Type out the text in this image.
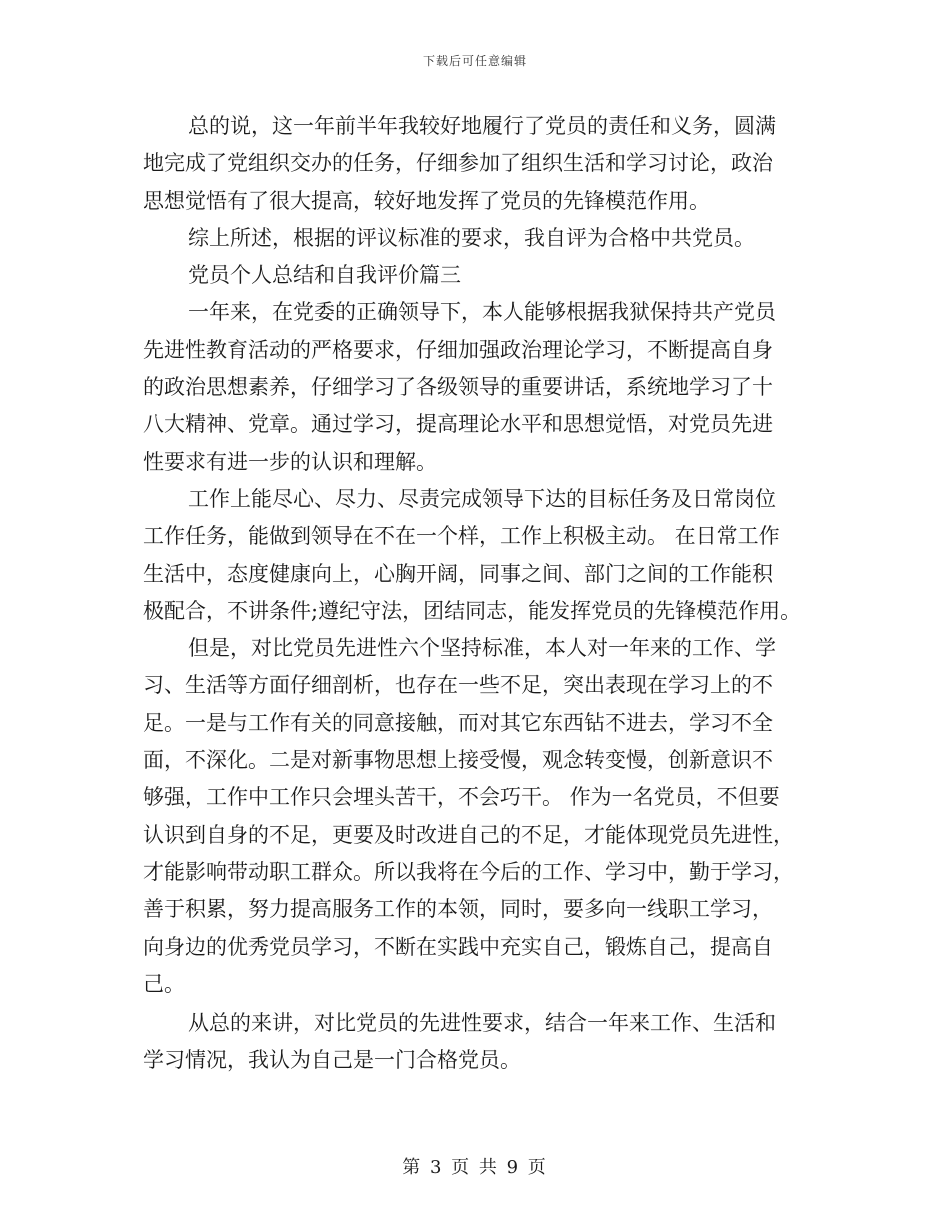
下载后可任意编辑
总的说，这一年前半年我较好地履行了党员的责任和义务，圆满
地完成了党组织交办的任务，仔细参加了组织生活和学习讨论，政治
思想觉悟有了很大提高，较好地发挥了党员的先锋模范作用。
综上所述，根据的评议标准的要求，我自评为合格中共党员。
党员个人总结和自我评价篇三
一年来，在党委的正确领导下，本人能够根据我狱保持共产党员
先进性教育活动的严格要求，仔细加强政治理论学习，不断提高自身
的政治思想素养，仔细学习了各级领导的重要讲话，系统地学习了十
八大精神、党章。通过学习，提高理论水平和思想觉悟，对党员先进
性要求有进一步的认识和理解。
工作上能尽心、尽力、尽责完成领导下达的目标任务及日常岗位
工作任务，能做到领导在不在一个样，工作上积极主动。 在日常工作
生活中，态度健康向上，心胸开阔，同事之间、部门之间的工作能积
极配合，不讲条件;遵纪守法，团结同志，能发挥党员的先锋模范作用。
但是，对比党员先进性六个坚持标准，本人对一年来的工作、学
习、生活等方面仔细剖析，也存在一些不足，突出表现在学习上的不
足。一是与工作有关的同意接触，而对其它东西钻不进去，学习不全
面，不深化。二是对新事物思想上接受慢，观念转变慢，创新意识不
够强，工作中工作只会埋头苦干，不会巧干。 作为一名党员，不但要
认识到自身的不足，更要及时改进自己的不足，才能体现党员先进性，
才能影响带动职工群众。所以我将在今后的工作、学习中，勤于学习，
善于积累，努力提高服务工作的本领，同时，要多向一线职工学习，
向身边的优秀党员学习，不断在实践中充实自己，锻炼自己，提高自
己。
从总的来讲，对比党员的先进性要求，结合一年来工作、生活和
学习情况，我认为自己是一门合格党员。
第 3 页 共 9 页
